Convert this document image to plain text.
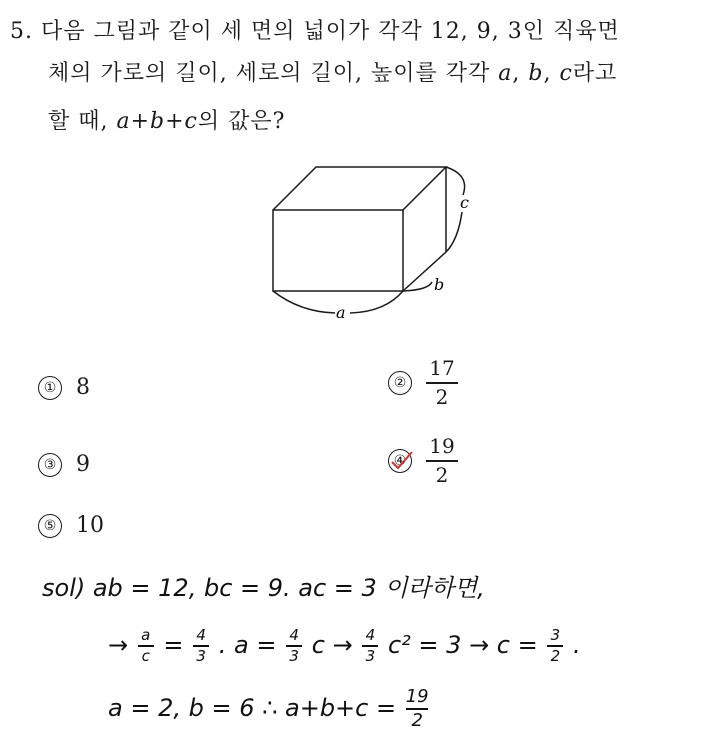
5. 다음 그림과 같이 세 면의 넓이가 각각 12, 9, 3인 직육면
체의 가로의 길이, 세로의 길이, 높이를 각각 a, b, c라고
할 때, a+b+c의 값은?
a
b
c
① 8	② $\frac{17}{2}$
③ 9	④ $\frac{19}{2}$
⑤ 10
sol) ab = 12, bc = 9. ac = 3 이라하면,
→ $\frac{a}{c} = \frac{4}{3}$ . $a = \frac{4}{3}$ $c \to \frac{4}{3} c^2 = 3 \to c = \frac{3}{2}$ .
a = 2, b = 6 ∴ $a+b+c = \frac{19}{2}$
